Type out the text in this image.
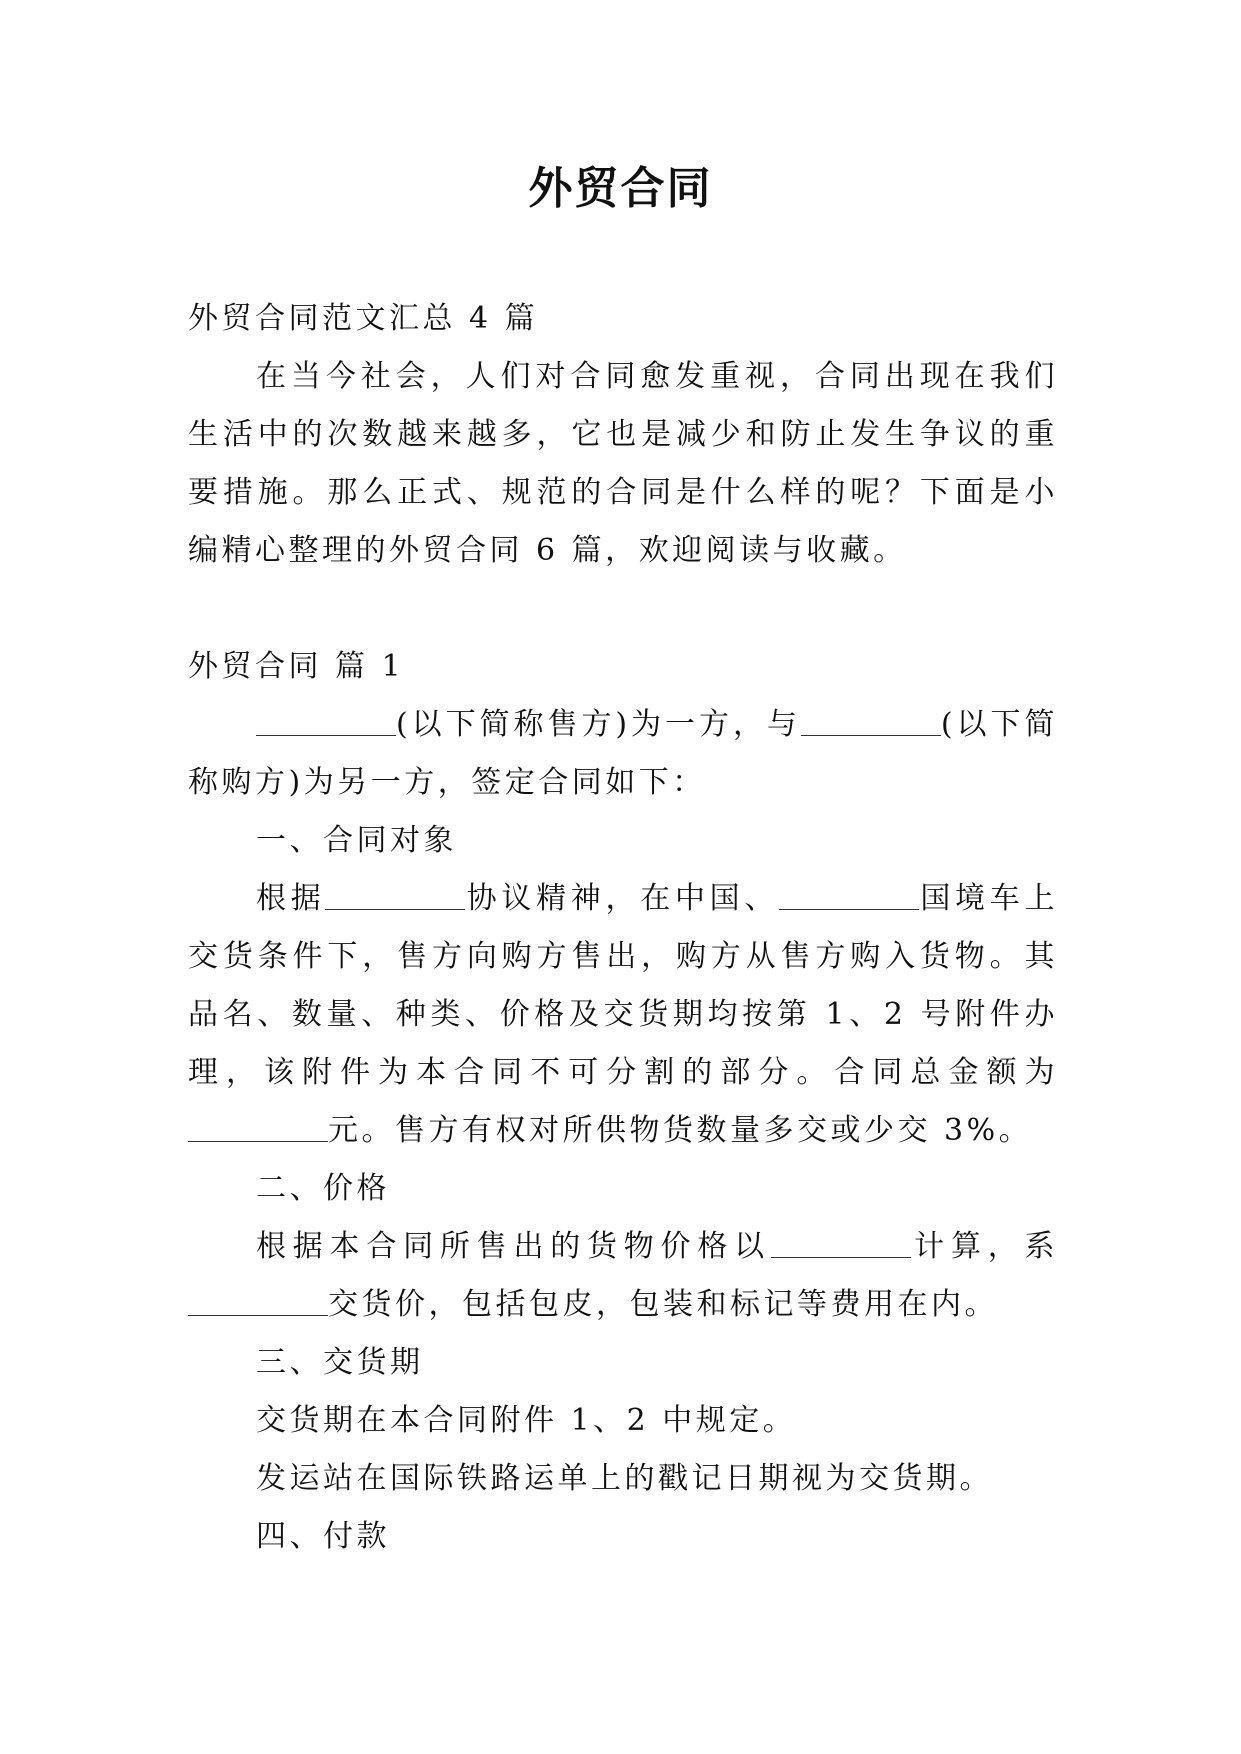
外贸合同

外贸合同范文汇总 4 篇

在当今社会，人们对合同愈发重视，合同出现在我们生活中的次数越来越多，它也是减少和防止发生争议的重要措施。那么正式、规范的合同是什么样的呢？下面是小编精心整理的外贸合同 6 篇，欢迎阅读与收藏。

外贸合同 篇 1

(以下简称售方)为一方，与	(以下简称购方)为另一方，签定合同如下：

一、合同对象

根据	协议精神，在中国、	国境车上交货条件下，售方向购方售出，购方从售方购入货物。其品名、数量、种类、价格及交货期均按第 1、2 号附件办理，该附件为本合同不可分割的部分。合同总金额为元。售方有权对所供物货数量多交或少交 3%。

二、价格

根据本合同所售出的货物价格以	计算，系交货价，包括包皮，包装和标记等费用在内。

三、交货期

交货期在本合同附件 1、2 中规定。

发运站在国际铁路运单上的戳记日期视为交货期。

四、付款
